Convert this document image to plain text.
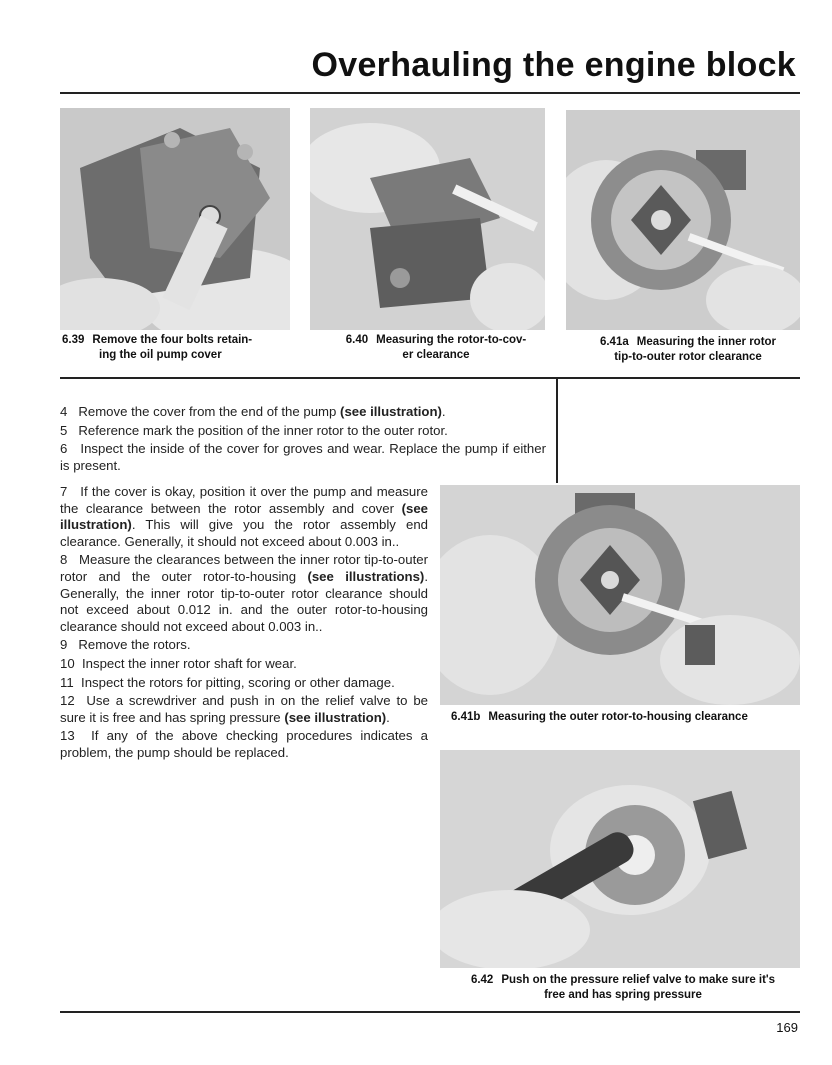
Overhauling the engine block
6.39 Remove the four bolts retain-
ing the oil pump cover
6.40 Measuring the rotor-to-cov-
er clearance
6.41a Measuring the inner rotor
tip-to-outer rotor clearance

4 Remove the cover from the end of the pump (see illustration).

5 Reference mark the position of the inner rotor to the outer rotor.

6 Inspect the inside of the cover for groves and wear. Replace the pump if either is present.

7 If the cover is okay, position it over the pump and measure the clearance between the rotor assembly and cover (see illustration). This will give you the rotor assembly end clearance. Generally, it should not exceed about 0.003 in..

8 Measure the clearances between the inner rotor tip-to-outer rotor and the outer rotor-to-housing (see illustrations). Generally, the inner rotor tip-to-outer rotor clearance should not exceed about 0.012 in. and the outer rotor-to-housing clearance should not exceed about 0.003 in..

9 Remove the rotors.

10 Inspect the inner rotor shaft for wear.

11 Inspect the rotors for pitting, scoring or other damage.

12 Use a screwdriver and push in on the relief valve to be sure it is free and has spring pressure (see illustration).

13 If any of the above checking procedures indicates a problem, the pump should be replaced.

6.41b Measuring the outer rotor-to-housing clearance
6.42 Push on the pressure relief valve to make sure it's
free and has spring pressure
169
